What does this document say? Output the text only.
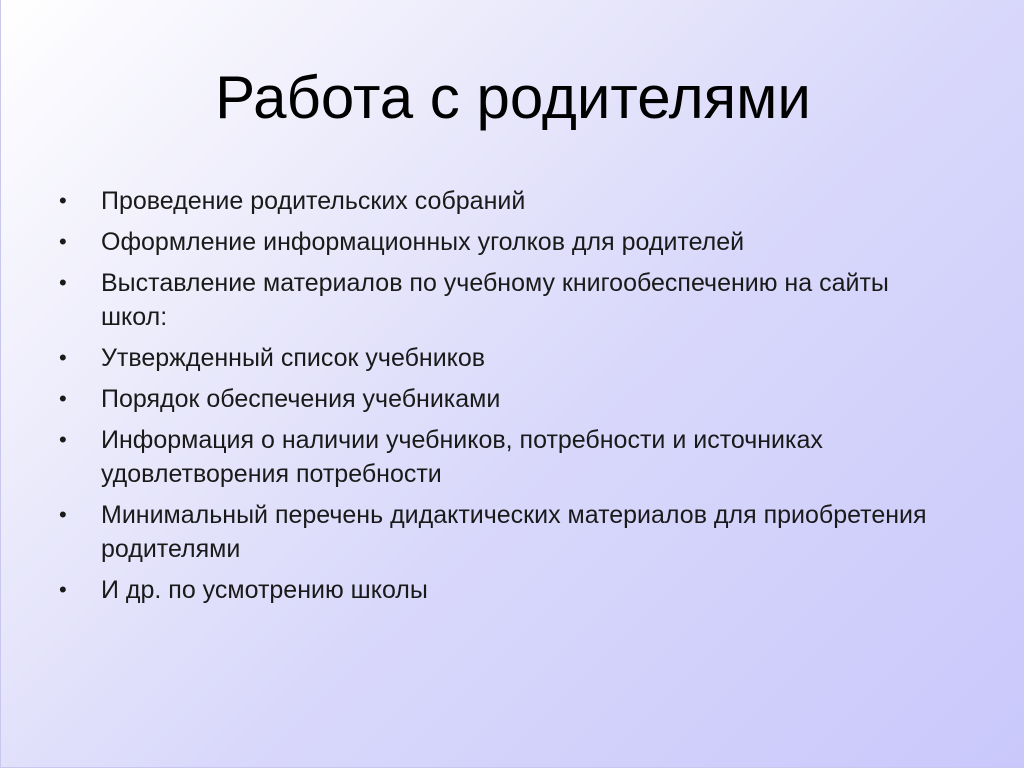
Работа с родителями
•	Проведение родительских собраний
•	Оформление информационных уголков для родителей
•	Выставление материалов по учебному книгообеспечению на сайты школ:
•	Утвержденный список учебников
•	Порядок обеспечения учебниками
•	Информация о наличии учебников, потребности и источниках удовлетворения потребности
•	Минимальный перечень дидактических материалов для приобретения родителями
•	И др. по усмотрению школы
